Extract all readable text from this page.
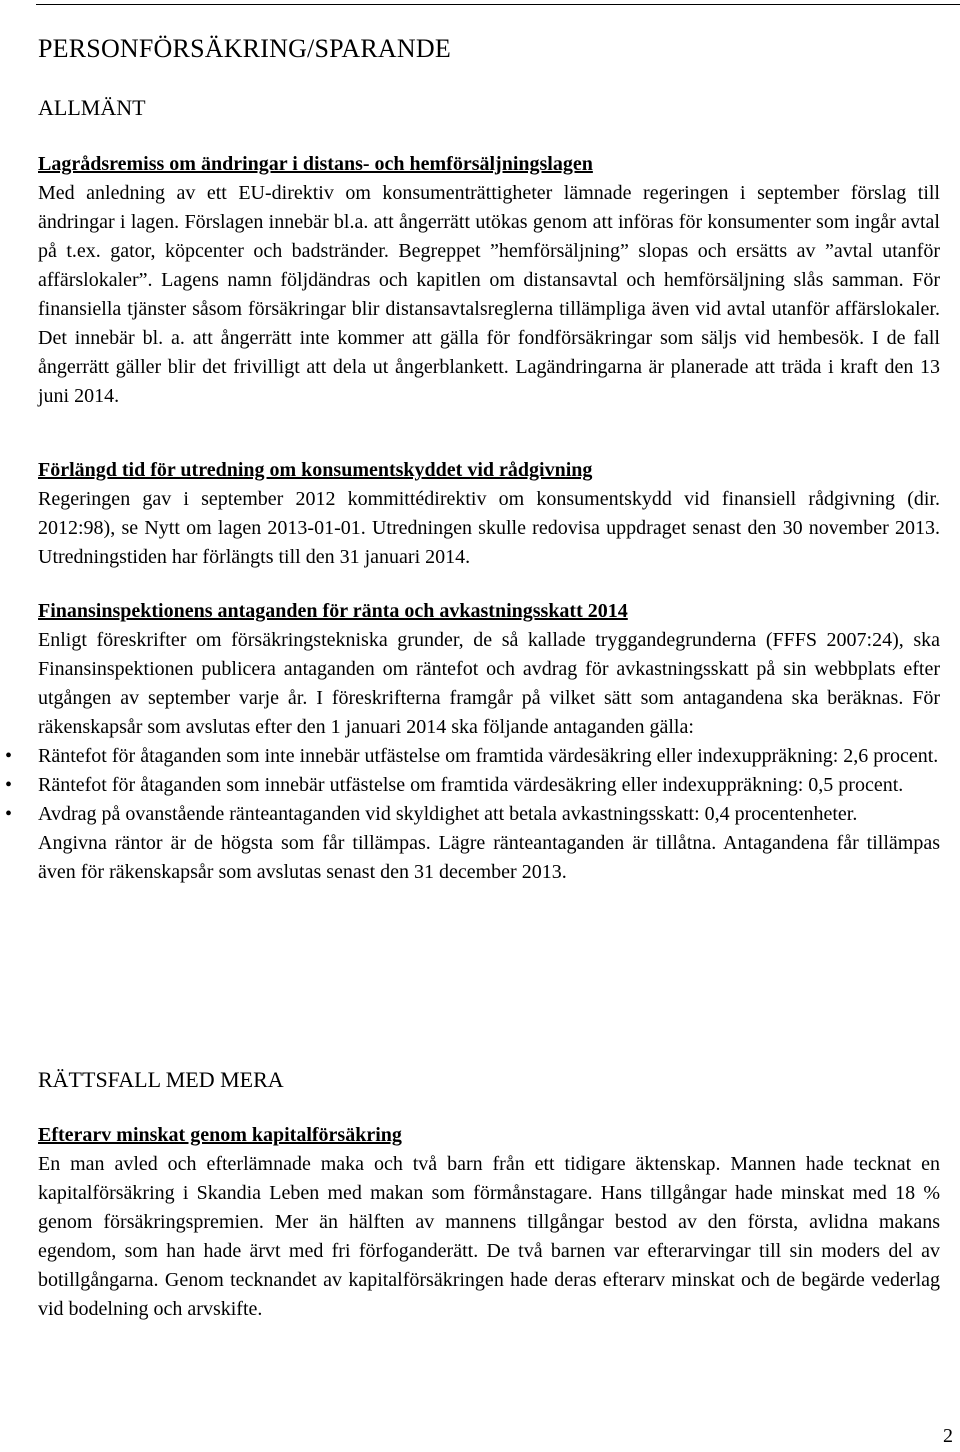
PERSONFÖRSÄKRING/SPARANDE
ALLMÄNT
Lagrådsremiss om ändringar i distans- och hemförsäljningslagen

Med anledning av ett EU-direktiv om konsumenträttigheter lämnade regeringen i september förslag till ändringar i lagen. Förslagen innebär bl.a. att ångerrätt utökas genom att införas för konsumenter som ingår avtal på t.ex. gator, köpcenter och badstränder. Begreppet ”hemförsäljning” slopas och ersätts av ”avtal utanför affärslokaler”. Lagens namn följdändras och kapitlen om distansavtal och hemförsäljning slås samman. För finansiella tjänster såsom försäkringar blir distansavtalsreglerna tillämpliga även vid avtal utanför affärslokaler. Det innebär bl. a. att ångerrätt inte kommer att gälla för fondförsäkringar som säljs vid hembesök. I de fall ångerrätt gäller blir det frivilligt att dela ut ångerblankett. Lagändringarna är planerade att träda i kraft den 13 juni 2014.

Förlängd tid för utredning om konsumentskyddet vid rådgivning

Regeringen gav i september 2012 kommittédirektiv om konsumentskydd vid finansiell rådgivning (dir. 2012:98), se Nytt om lagen 2013-01-01. Utredningen skulle redovisa uppdraget senast den 30 november 2013. Utredningstiden har förlängts till den 31 januari 2014.

Finansinspektionens antaganden för ränta och avkastningsskatt 2014

Enligt föreskrifter om försäkringstekniska grunder, de så kallade tryggandegrunderna (FFFS 2007:24), ska Finansinspektionen publicera antaganden om räntefot och avdrag för avkastningsskatt på sin webbplats efter utgången av september varje år. I föreskrifterna framgår på vilket sätt som antagandena ska beräknas. För räkenskapsår som avslutas efter den 1 januari 2014 ska följande antaganden gälla:

• Räntefot för åtaganden som inte innebär utfästelse om framtida värdesäkring eller indexuppräkning: 2,6 procent.
• Räntefot för åtaganden som innebär utfästelse om framtida värdesäkring eller indexuppräkning: 0,5 procent.
• Avdrag på ovanstående ränteantaganden vid skyldighet att betala avkastningsskatt: 0,4 procentenheter.

Angivna räntor är de högsta som får tillämpas. Lägre ränteantaganden är tillåtna. Antagandena får tillämpas även för räkenskapsår som avslutas senast den 31 december 2013.

RÄTTSFALL MED MERA
Efterarv minskat genom kapitalförsäkring

En man avled och efterlämnade maka och två barn från ett tidigare äktenskap. Mannen hade tecknat en kapitalförsäkring i Skandia Leben med makan som förmånstagare. Hans tillgångar hade minskat med 18 % genom försäkringspremien. Mer än hälften av mannens tillgångar bestod av den första, avlidna makans egendom, som han hade ärvt med fri förfoganderätt. De två barnen var efterarvingar till sin moders del av botillgångarna. Genom tecknandet av kapitalförsäkringen hade deras efterarv minskat och de begärde vederlag vid bodelning och arvskifte.

2
